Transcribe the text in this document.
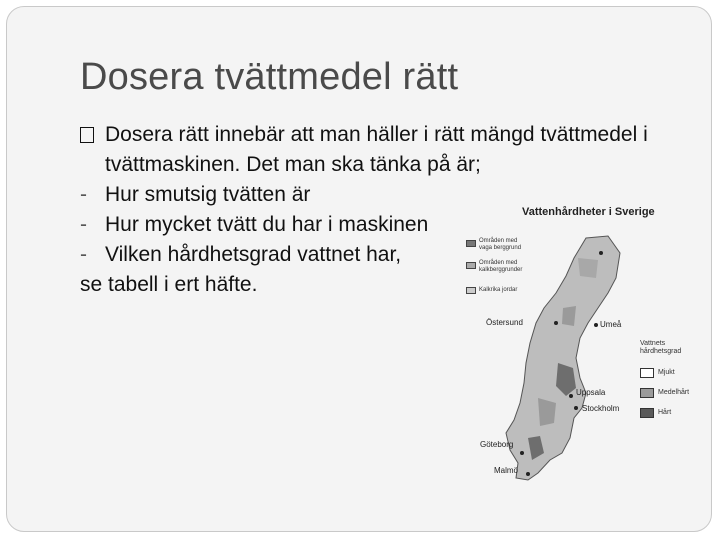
Dosera tvättmedel rätt
Dosera rätt innebär att man häller i rätt mängd tvättmedel i tvättmaskinen. Det man ska tänka på är;
- Hur smutsig tvätten är
- Hur mycket tvätt du har i maskinen
- Vilken hårdhetsgrad vattnet har,
se tabell i ert häfte.
Vattenhårdheter i Sverige
Områden med vaga berggrund
Områden med kalkberggrunder
Kalkrika jordar
Östersund	Umeå
Uppsala
Stockholm
Göteborg
Malmö
Vattnets hårdhetsgrad
Mjukt
Medelhårt
Hårt
